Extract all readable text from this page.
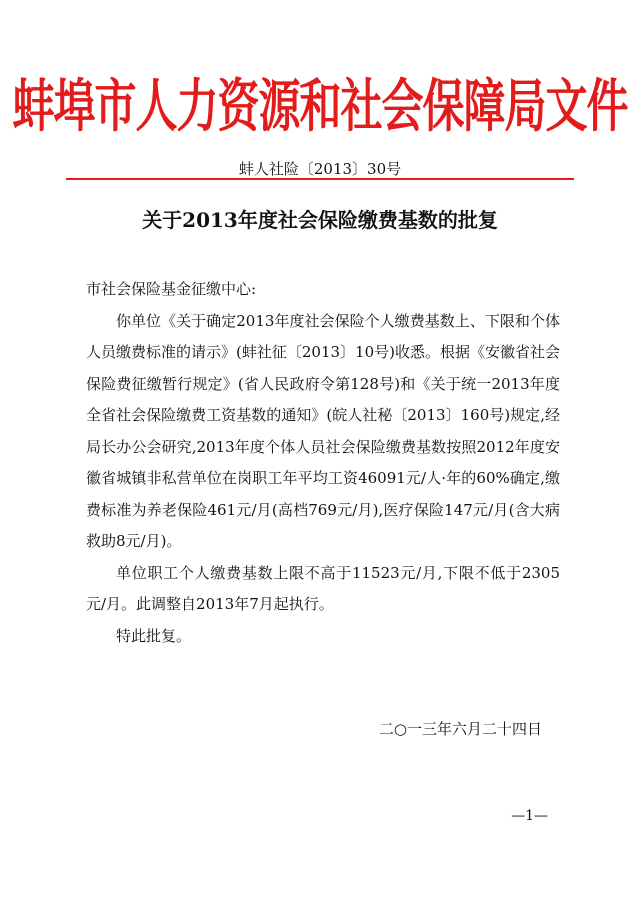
蚌埠市人力资源和社会保障局文件
蚌人社险〔2013〕30号
关于2013年度社会保险缴费基数的批复

市社会保险基金征缴中心:

你单位《关于确定2013年度社会保险个人缴费基数上、下限和个体人员缴费标准的请示》(蚌社征〔2013〕10号)收悉。根据《安徽省社会保险费征缴暂行规定》(省人民政府令第128号)和《关于统一2013年度全省社会保险缴费工资基数的通知》(皖人社秘〔2013〕160号)规定,经局长办公会研究,2013年度个体人员社会保险缴费基数按照2012年度安徽省城镇非私营单位在岗职工年平均工资46091元/人·年的60%确定,缴费标准为养老保险461元/月(高档769元/月),医疗保险147元/月(含大病救助8元/月)。

单位职工个人缴费基数上限不高于11523元/月,下限不低于2305元/月。此调整自2013年7月起执行。

特此批复。

二○一三年六月二十四日
—1—
